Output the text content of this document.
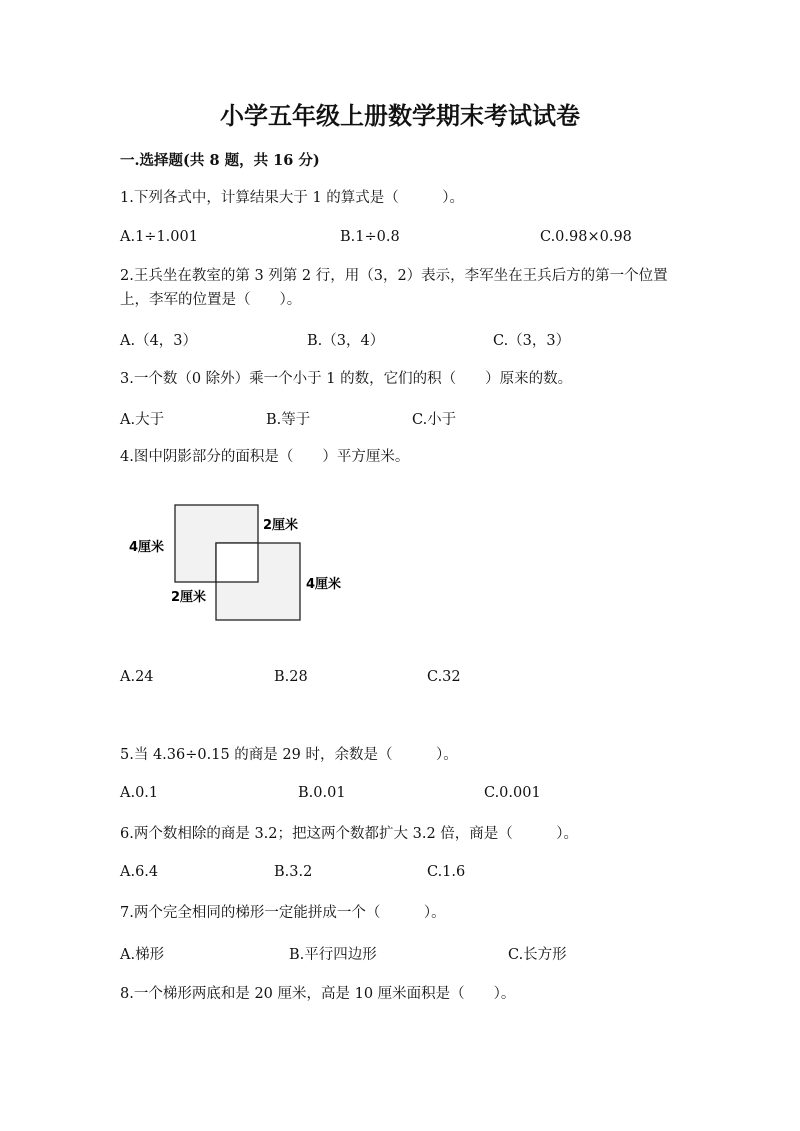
小学五年级上册数学期末考试试卷
一.选择题(共 8 题，共 16 分)
1.下列各式中，计算结果大于 1 的算式是（　　　）。
A.1÷1.001	B.1÷0.8	C.0.98×0.98
2.王兵坐在教室的第 3 列第 2 行，用（3，2）表示，李军坐在王兵后方的第一个位置上，李军的位置是（　　）。
A.（4，3）	B.（3，4）	C.（3，3）
3.一个数（0 除外）乘一个小于 1 的数，它们的积（　　）原来的数。
A.大于	B.等于	C.小于
4.图中阴影部分的面积是（　　）平方厘米。
4厘米
2厘米
2厘米
4厘米
A.24	B.28	C.32
5.当 4.36÷0.15 的商是 29 时，余数是（　　　）。
A.0.1	B.0.01	C.0.001
6.两个数相除的商是 3.2；把这两个数都扩大 3.2 倍，商是（　　　）。
A.6.4	B.3.2	C.1.6
7.两个完全相同的梯形一定能拼成一个（　　　）。
A.梯形	B.平行四边形	C.长方形
8.一个梯形两底和是 20 厘米，高是 10 厘米面积是（　　）。
